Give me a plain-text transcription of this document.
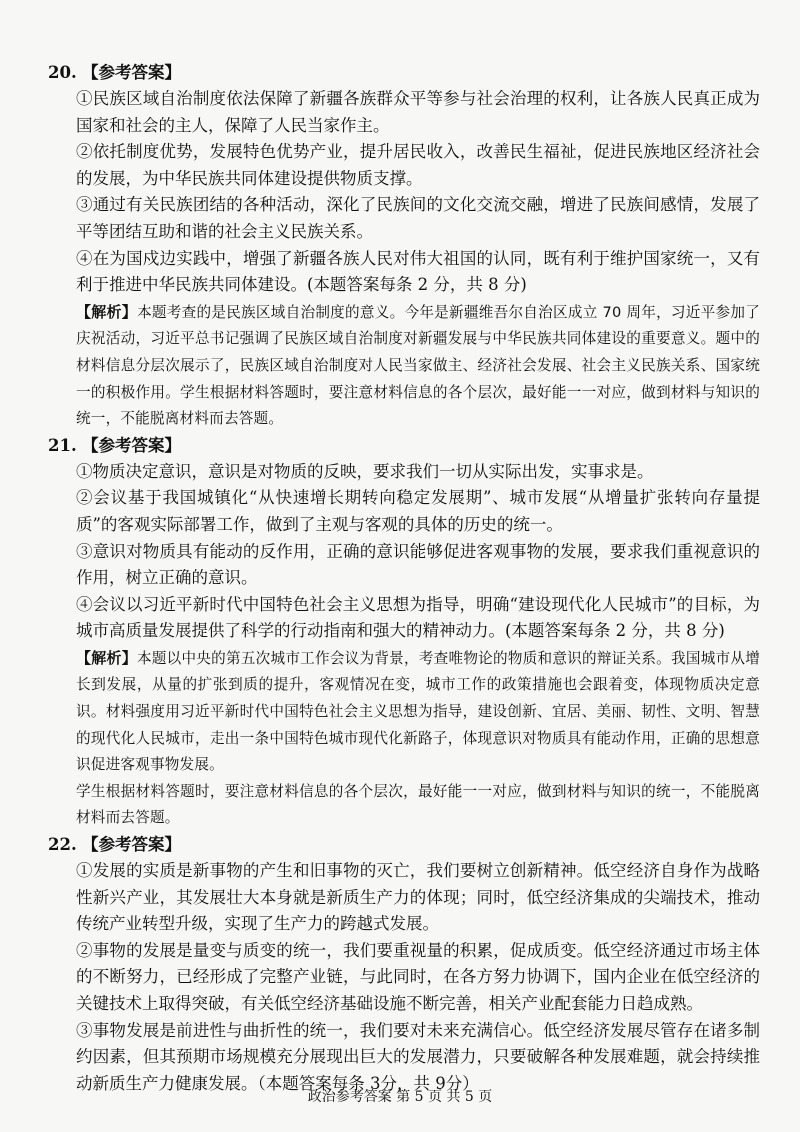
20. 【参考答案】

①民族区域自治制度依法保障了新疆各族群众平等参与社会治理的权利，让各族人民真正成为国家和社会的主人，保障了人民当家作主。

②依托制度优势，发展特色优势产业，提升居民收入，改善民生福祉，促进民族地区经济社会的发展，为中华民族共同体建设提供物质支撑。

③通过有关民族团结的各种活动，深化了民族间的文化交流交融，增进了民族间感情，发展了平等团结互助和谐的社会主义民族关系。

④在为国戍边实践中，增强了新疆各族人民对伟大祖国的认同，既有利于维护国家统一，又有利于推进中华民族共同体建设。(本题答案每条 2 分，共 8 分)

【解析】本题考查的是民族区域自治制度的意义。今年是新疆维吾尔自治区成立 70 周年，习近平参加了庆祝活动，习近平总书记强调了民族区域自治制度对新疆发展与中华民族共同体建设的重要意义。题中的材料信息分层次展示了，民族区域自治制度对人民当家做主、经济社会发展、社会主义民族关系、国家统一的积极作用。学生根据材料答题时，要注意材料信息的各个层次，最好能一一对应，做到材料与知识的统一，不能脱离材料而去答题。

21. 【参考答案】

①物质决定意识，意识是对物质的反映，要求我们一切从实际出发，实事求是。

②会议基于我国城镇化“从快速增长期转向稳定发展期”、城市发展“从增量扩张转向存量提质”的客观实际部署工作，做到了主观与客观的具体的历史的统一。

③意识对物质具有能动的反作用，正确的意识能够促进客观事物的发展，要求我们重视意识的作用，树立正确的意识。

④会议以习近平新时代中国特色社会主义思想为指导，明确“建设现代化人民城市”的目标，为城市高质量发展提供了科学的行动指南和强大的精神动力。(本题答案每条 2 分，共 8 分)

【解析】本题以中央的第五次城市工作会议为背景，考查唯物论的物质和意识的辩证关系。我国城市从增长到发展，从量的扩张到质的提升，客观情况在变，城市工作的政策措施也会跟着变，体现物质决定意识。材料强度用习近平新时代中国特色社会主义思想为指导，建设创新、宜居、美丽、韧性、文明、智慧的现代化人民城市，走出一条中国特色城市现代化新路子，体现意识对物质具有能动作用，正确的思想意识促进客观事物发展。

学生根据材料答题时，要注意材料信息的各个层次，最好能一一对应，做到材料与知识的统一，不能脱离材料而去答题。

22. 【参考答案】

①发展的实质是新事物的产生和旧事物的灭亡，我们要树立创新精神。低空经济自身作为战略性新兴产业，其发展壮大本身就是新质生产力的体现；同时，低空经济集成的尖端技术，推动传统产业转型升级，实现了生产力的跨越式发展。

②事物的发展是量变与质变的统一，我们要重视量的积累，促成质变。低空经济通过市场主体的不断努力，已经形成了完整产业链，与此同时，在各方努力协调下，国内企业在低空经济的关键技术上取得突破，有关低空经济基础设施不断完善，相关产业配套能力日趋成熟。

③事物发展是前进性与曲折性的统一，我们要对未来充满信心。低空经济发展尽管存在诸多制约因素，但其预期市场规模充分展现出巨大的发展潜力，只要破解各种发展难题，就会持续推动新质生产力健康发展。（本题答案每条 3分，共 9分）

政治参考答案 第 5 页 共 5 页
